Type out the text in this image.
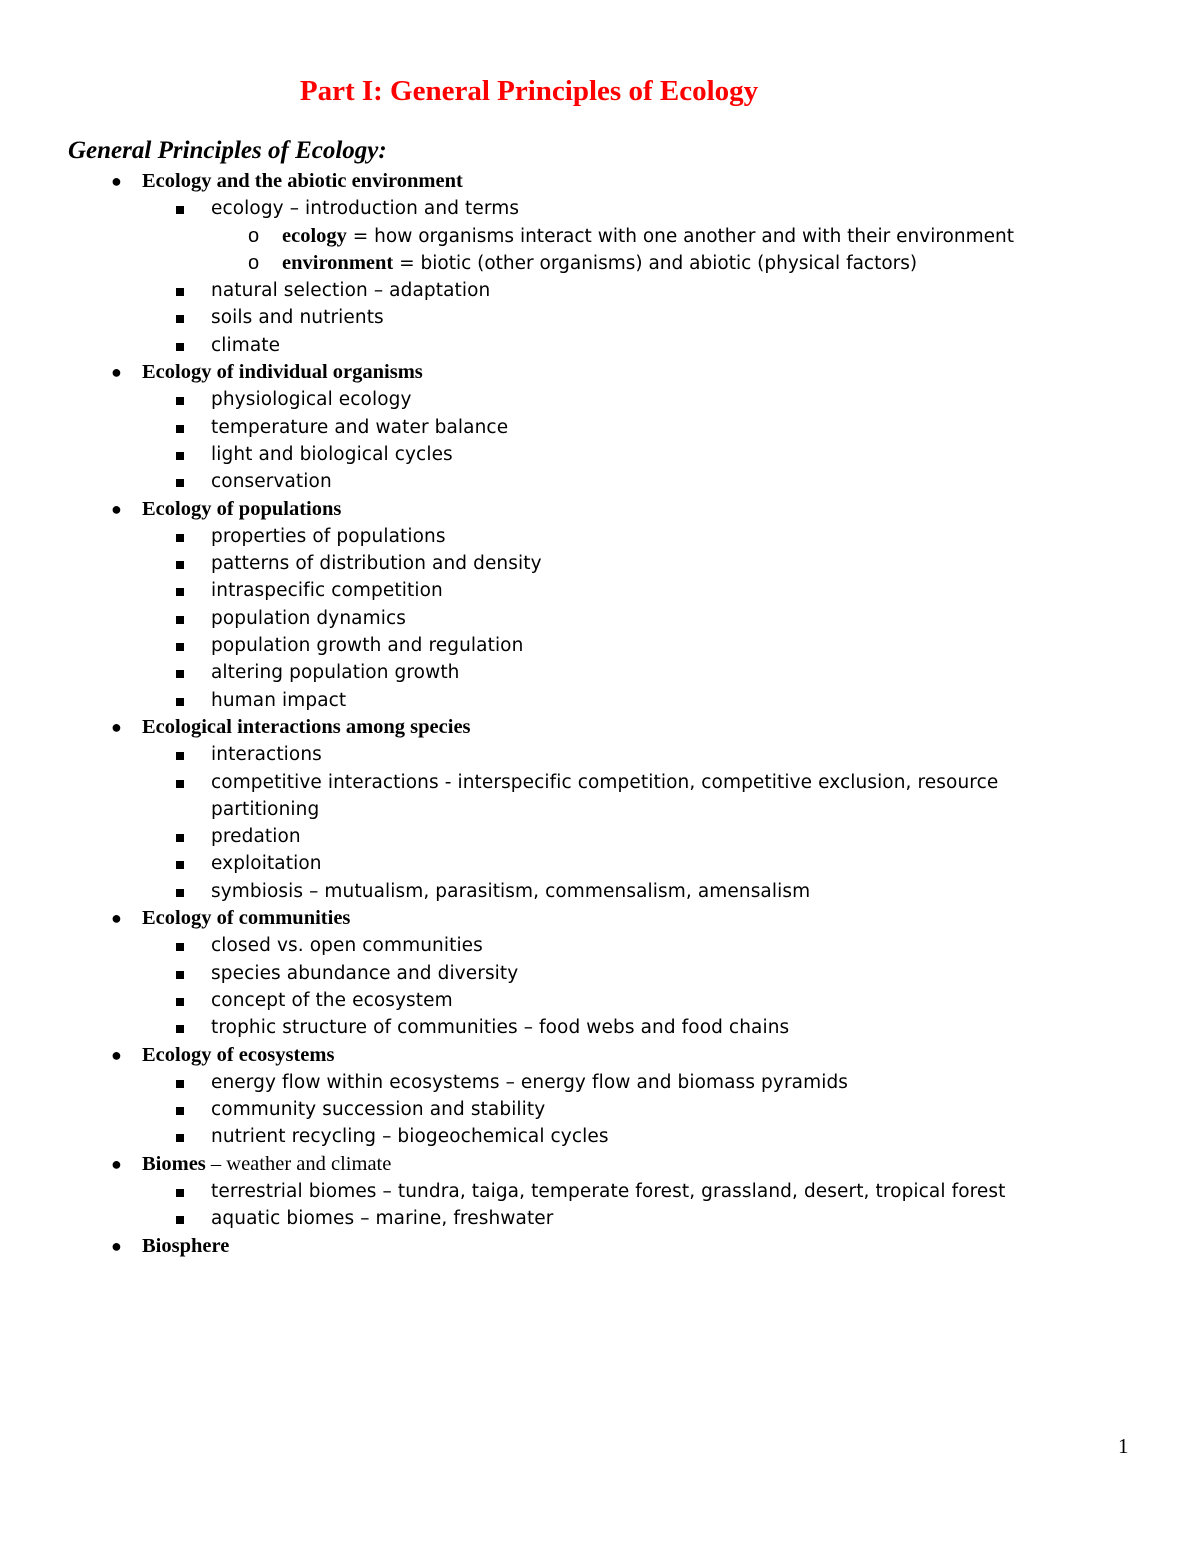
Part I: General Principles of Ecology
General Principles of Ecology:
● Ecology and the abiotic environment
ecology – introduction and terms
o ecology = how organisms interact with one another and with their environment
o environment = biotic (other organisms) and abiotic (physical factors)
natural selection – adaptation
soils and nutrients
climate
● Ecology of individual organisms
physiological ecology
temperature and water balance
light and biological cycles
conservation
● Ecology of populations
properties of populations
patterns of distribution and density
intraspecific competition
population dynamics
population growth and regulation
altering population growth
human impact
● Ecological interactions among species
interactions
competitive interactions - interspecific competition, competitive exclusion, resource partitioning
predation
exploitation
symbiosis – mutualism, parasitism, commensalism, amensalism
● Ecology of communities
closed vs. open communities
species abundance and diversity
concept of the ecosystem
trophic structure of communities – food webs and food chains
● Ecology of ecosystems
energy flow within ecosystems – energy flow and biomass pyramids
community succession and stability
nutrient recycling – biogeochemical cycles
● Biomes – weather and climate
terrestrial biomes – tundra, taiga, temperate forest, grassland, desert, tropical forest
aquatic biomes – marine, freshwater
● Biosphere
1
